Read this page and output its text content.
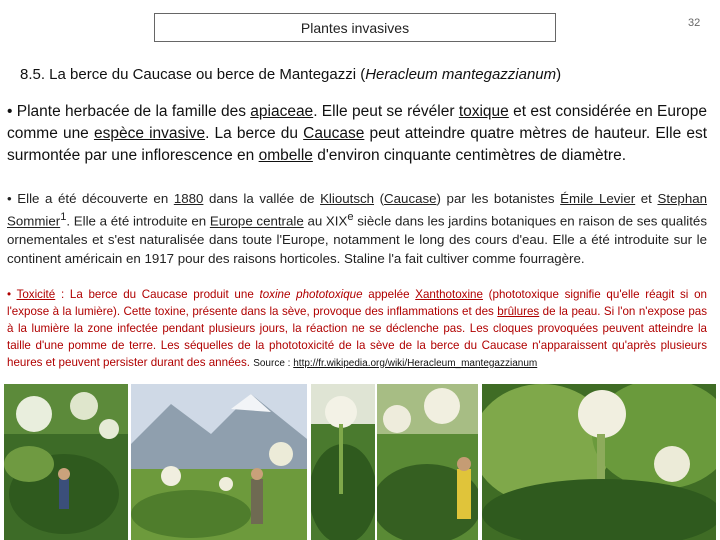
Plantes invasives	32
8.5. La berce du Caucase ou berce de Mantegazzi (Heracleum mantegazzianum)
• Plante herbacée de la famille des apiaceae. Elle peut se révéler toxique et est considérée en Europe comme une espèce invasive. La berce du Caucase peut atteindre quatre mètres de hauteur. Elle est surmontée par une inflorescence en ombelle d'environ cinquante centimètres de diamètre.
• Elle a été découverte en 1880 dans la vallée de Klioutsch (Caucase) par les botanistes Émile Levier et Stephan Sommier$^1$. Elle a été introduite en Europe centrale au XIXe siècle dans les jardins botaniques en raison de ses qualités ornementales et s'est naturalisée dans toute l'Europe, notamment le long des cours d'eau. Elle a été introduite sur le continent américain en 1917 pour des raisons horticoles. Staline l'a fait cultiver comme fourragère.
• Toxicité : La berce du Caucase produit une toxine phototoxique appelée Xanthotoxine (phototoxique signifie qu'elle réagit si on l'expose à la lumière). Cette toxine, présente dans la sève, provoque des inflammations et des brûlures de la peau. Si l'on n'expose pas à la lumière la zone infectée pendant plusieurs jours, la réaction ne se déclenche pas. Les cloques provoquées peuvent atteindre la taille d'une pomme de terre. Les séquelles de la phototoxicité de la sève de la berce du Caucase n'apparaissent qu'après plusieurs heures et peuvent persister durant des années. Source : http://fr.wikipedia.org/wiki/Heracleum_mantegazzianum
